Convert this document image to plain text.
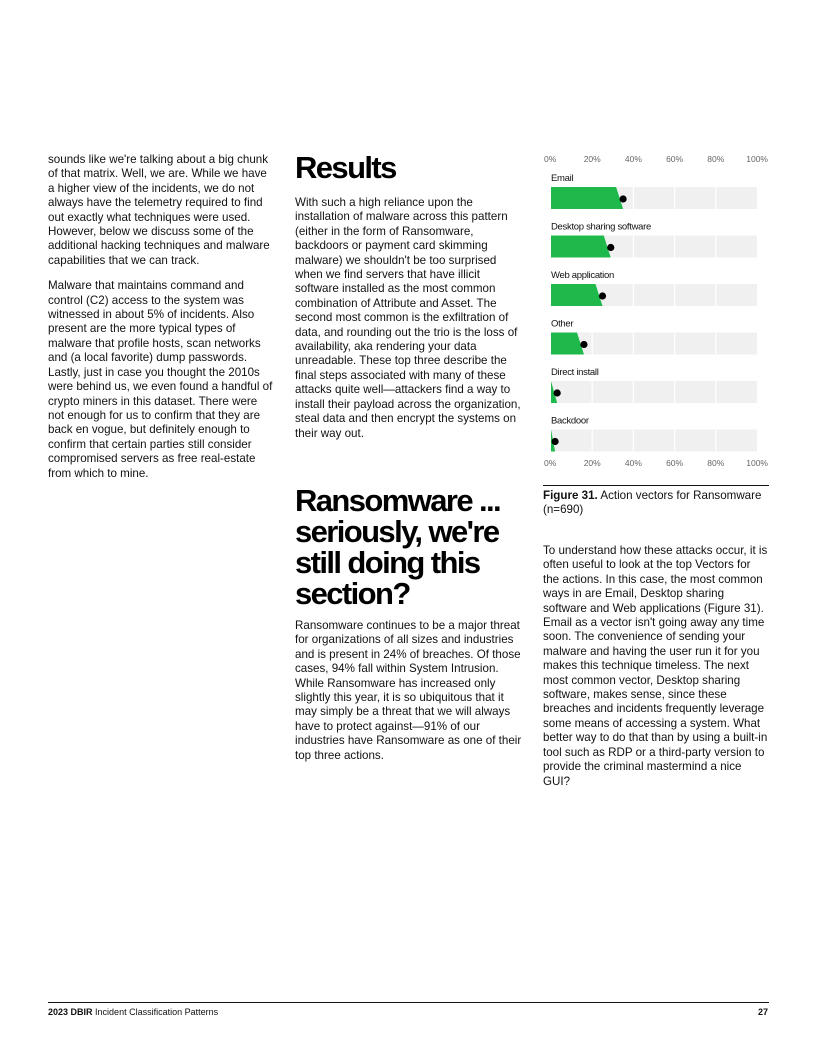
sounds like we're talking about a big chunk of that matrix. Well, we are. While we have a higher view of the incidents, we do not always have the telemetry required to find out exactly what techniques were used. However, below we discuss some of the additional hacking techniques and malware capabilities that we can track.

Malware that maintains command and control (C2) access to the system was witnessed in about 5% of incidents. Also present are the more typical types of malware that profile hosts, scan networks and (a local favorite) dump passwords. Lastly, just in case you thought the 2010s were behind us, we even found a handful of crypto miners in this dataset. There were not enough for us to confirm that they are back en vogue, but definitely enough to confirm that certain parties still consider compromised servers as free real-estate from which to mine.

Results

With such a high reliance upon the installation of malware across this pattern (either in the form of Ransomware, backdoors or payment card skimming malware) we shouldn't be too surprised when we find servers that have illicit software installed as the most common combination of Attribute and Asset. The second most common is the exfiltration of data, and rounding out the trio is the loss of availability, aka rendering your data unreadable. These top three describe the final steps associated with many of these attacks quite well—attackers find a way to install their payload across the organization, steal data and then encrypt the systems on their way out.

Ransomware ... seriously, we're still doing this section?

Ransomware continues to be a major threat for organizations of all sizes and industries and is present in 24% of breaches. Of those cases, 94% fall within System Intrusion. While Ransomware has increased only slightly this year, it is so ubiquitous that it may simply be a threat that we will always have to protect against—91% of our industries have Ransomware as one of their top three actions.

0%
0%
20%
20%
40%
40%
60%
60%
80%
80%
100%
100%
Email
Desktop sharing software
Web application
Other
Direct install
Backdoor
Figure 31. Action vectors for Ransomware (n=690)

To understand how these attacks occur, it is often useful to look at the top Vectors for the actions. In this case, the most common ways in are Email, Desktop sharing software and Web applications (Figure 31). Email as a vector isn't going away any time soon. The convenience of sending your malware and having the user run it for you makes this technique timeless. The next most common vector, Desktop sharing software, makes sense, since these breaches and incidents frequently leverage some means of accessing a system. What better way to do that than by using a built-in tool such as RDP or a third-party version to provide the criminal mastermind a nice GUI?

2023 DBIR Incident Classification Patterns	27
